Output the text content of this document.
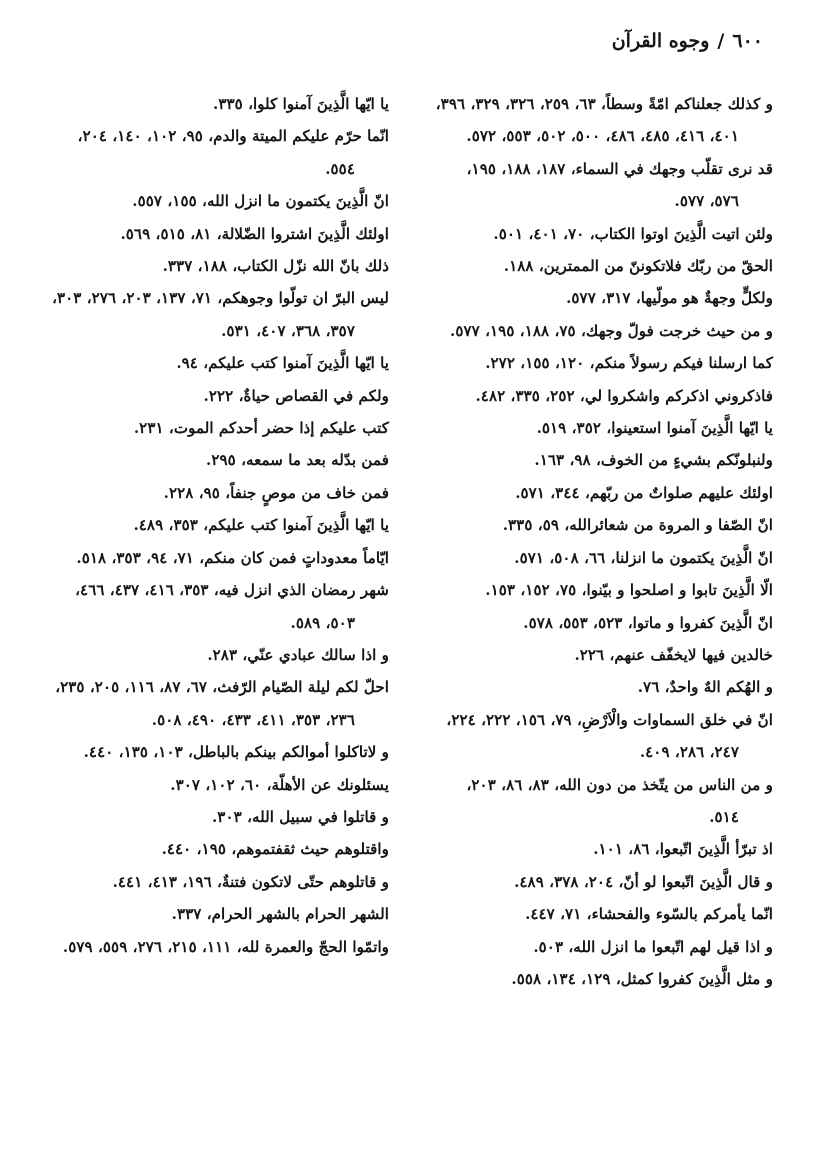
٦٠٠/وجوه القرآن
و كذلك جعلناكم امّةً وسطاً، ٦٣، ٢٥٩، ٣٢٦، ٣٢٩، ٣٩٦، ٤٠١، ٤١٦، ٤٨٥، ٤٨٦، ٥٠٠، ٥٠٢، ٥٥٣، ٥٧٢.
قد نرى تقلّب وجهك في السماء، ١٨٧، ١٨٨، ١٩٥، ٥٧٦، ٥٧٧.
ولئن اتيت الَّذِينَ اوتوا الكتاب، ٧٠، ٤٠١، ٥٠١.
الحقّ من ربّك فلاتكوننّ من الممترين، ١٨٨.
ولكلٍّ وجهةٌ هو مولّيها، ٣١٧، ٥٧٧.
و من حيث خرجت فولّ وجهك، ٧٥، ١٨٨، ١٩٥، ٥٧٧.
كما ارسلنا فيكم رسولاً منكم، ١٢٠، ١٥٥، ٢٧٢.
فاذكروني اذكركم واشكروا لي، ٢٥٢، ٣٣٥، ٤٨٢.
يا ايّها الَّذِينَ آمنوا استعينوا، ٣٥٢، ٥١٩.
ولنبلونّكم بشيءٍ من الخوف، ٩٨، ١٦٣.
اولئك عليهم صلواتٌ من ربّهم، ٣٤٤، ٥٧١.
انّ الصّفا و المروة من شعائرالله، ٥٩، ٣٣٥.
انّ الَّذِينَ يكتمون ما انزلنا، ٦٦، ٥٠٨، ٥٧١.
الّا الَّذِينَ تابوا و اصلحوا و بيّنوا، ٧٥، ١٥٢، ١٥٣.
انّ الَّذِينَ كفروا و ماتوا، ٥٢٣، ٥٥٣، ٥٧٨.
خالدين فيها لايخفّف عنهم، ٢٢٦.
و الهُكم الهٌ واحدٌ، ٧٦.
انّ في خلق السماوات والْاَرْضِ، ٧٩، ١٥٦، ٢٢٢، ٢٢٤، ٢٤٧، ٢٨٦، ٤٠٩.
و من الناس من يتّخذ من دون الله، ٨٣، ٨٦، ٢٠٣، ٥١٤.
اذ تبرّأ الَّذِينَ اتّبعوا، ٨٦، ١٠١.
و قال الَّذِينَ اتّبعوا لو أنّ، ٢٠٤، ٣٧٨، ٤٨٩.
انّما يأمركم بالسّوء والفحشاء، ٧١، ٤٤٧.
و اذا قيل لهم اتّبعوا ما انزل الله، ٥٠٣.
و مثل الَّذِينَ كفروا كمثل، ١٢٩، ١٣٤، ٥٥٨.
يا ايّها الَّذِينَ آمنوا كلوا، ٣٣٥.
انّما حرّم عليكم الميتة والدم، ٩٥، ١٠٢، ١٤٠، ٢٠٤، ٥٥٤.
انّ الَّذِينَ يكتمون ما انزل الله، ١٥٥، ٥٥٧.
اولئك الَّذِينَ اشتروا الضّلالة، ٨١، ٥١٥، ٥٦٩.
ذلك بانّ الله نزّل الكتاب، ١٨٨، ٣٣٧.
ليس البرّ ان تولّوا وجوهكم، ٧١، ١٣٧، ٢٠٣، ٢٧٦، ٣٠٣، ٣٥٧، ٣٦٨، ٤٠٧، ٥٣١.
يا ايّها الَّذِينَ آمنوا كتب عليكم، ٩٤.
ولكم في القصاص حياةٌ، ٢٢٢.
كتب عليكم إذا حضر أحدكم الموت، ٢٣١.
فمن بدّله بعد ما سمعه، ٢٩٥.
فمن خاف من موصٍ جنفاً، ٩٥، ٢٢٨.
يا ايّها الَّذِينَ آمنوا كتب عليكم، ٣٥٣، ٤٨٩.
ايّاماً معدوداتٍ فمن كان منكم، ٧١، ٩٤، ٣٥٣، ٥١٨.
شهر رمضان الذي انزل فيه، ٣٥٣، ٤١٦، ٤٣٧، ٤٦٦، ٥٠٣، ٥٨٩.
و اذا سالك عبادي عنّي، ٢٨٣.
احلّ لكم ليلة الصّيام الرّفث، ٦٧، ٨٧، ١١٦، ٢٠٥، ٢٣٥، ٢٣٦، ٣٥٣، ٤١١، ٤٣٣، ٤٩٠، ٥٠٨.
و لاتاكلوا أموالكم بينكم بالباطل، ١٠٣، ١٣٥، ٤٤٠.
يسئلونك عن الأهلّة، ٦٠، ١٠٢، ٣٠٧.
و قاتلوا في سبيل الله، ٣٠٣.
واقتلوهم حيث ثقفتموهم، ١٩٥، ٤٤٠.
و قاتلوهم حتّى لاتكون فتنةٌ، ١٩٦، ٤١٣، ٤٤١.
الشهر الحرام بالشهر الحرام، ٣٣٧.
واتمّوا الحجّ والعمرة لله، ١١١، ٢١٥، ٢٧٦، ٥٥٩، ٥٧٩.
